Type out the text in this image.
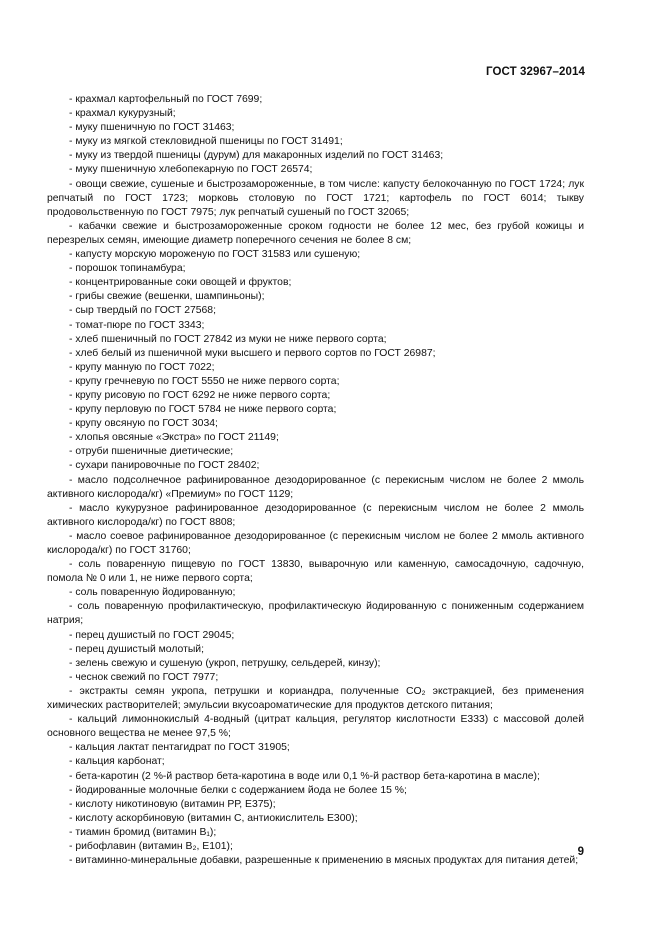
ГОСТ 32967–2014

- крахмал картофельный по ГОСТ 7699;

- крахмал кукурузный;

- муку пшеничную по ГОСТ 31463;

- муку из мягкой стекловидной пшеницы по ГОСТ 31491;

- муку из твердой пшеницы (дурум) для макаронных изделий по ГОСТ 31463;

- муку пшеничную хлебопекарную по ГОСТ 26574;

- овощи свежие, сушеные и быстрозамороженные, в том числе: капусту белокочанную по ГОСТ 1724; лук репчатый по ГОСТ 1723; морковь столовую по ГОСТ 1721; картофель по ГОСТ 6014; тыкву продовольственную по ГОСТ 7975; лук репчатый сушеный по ГОСТ 32065;

- кабачки свежие и быстрозамороженные сроком годности не более 12 мес, без грубой кожицы и перезрелых семян, имеющие диаметр поперечного сечения не более 8 см;

- капусту морскую мороженую по ГОСТ 31583 или сушеную;

- порошок топинамбура;

- концентрированные соки овощей и фруктов;

- грибы свежие (вешенки, шампиньоны);

- сыр твердый по ГОСТ 27568;

- томат-пюре по ГОСТ 3343;

- хлеб пшеничный по ГОСТ 27842 из муки не ниже первого сорта;

- хлеб белый из пшеничной муки высшего и первого сортов по ГОСТ 26987;

- крупу манную по ГОСТ 7022;

- крупу гречневую по ГОСТ 5550 не ниже первого сорта;

- крупу рисовую по ГОСТ 6292 не ниже первого сорта;

- крупу перловую по ГОСТ 5784 не ниже первого сорта;

- крупу овсяную по ГОСТ 3034;

- хлопья овсяные «Экстра» по ГОСТ 21149;

- отруби пшеничные диетические;

- сухари панировочные по ГОСТ 28402;

- масло подсолнечное рафинированное дезодорированное (с перекисным числом не более 2 ммоль активного кислорода/кг) «Премиум» по ГОСТ 1129;

- масло кукурузное рафинированное дезодорированное (с перекисным числом не более 2 ммоль активного кислорода/кг) по ГОСТ 8808;

- масло соевое рафинированное дезодорированное (с перекисным числом не более 2 ммоль активного кислорода/кг) по ГОСТ 31760;

- соль поваренную пищевую по ГОСТ 13830, выварочную или каменную, самосадочную, садочную, помола № 0 или 1, не ниже первого сорта;

- соль поваренную йодированную;

- соль поваренную профилактическую, профилактическую йодированную с пониженным содержанием натрия;

- перец душистый по ГОСТ 29045;

- перец душистый молотый;

- зелень свежую и сушеную (укроп, петрушку, сельдерей, кинзу);

- чеснок свежий по ГОСТ 7977;

- экстракты семян укропа, петрушки и кориандра, полученные CO₂ экстракцией, без применения химических растворителей; эмульсии вкусоароматические для продуктов детского питания;

- кальций лимоннокислый 4-водный (цитрат кальция, регулятор кислотности Е333) с массовой долей основного вещества не менее 97,5 %;

- кальция лактат пентагидрат по ГОСТ 31905;

- кальция карбонат;

- бета-каротин (2 %-й раствор бета-каротина в воде или 0,1 %-й раствор бета-каротина в масле);

- йодированные молочные белки с содержанием йода не более 15 %;

- кислоту никотиновую (витамин РР, Е375);

- кислоту аскорбиновую (витамин С, антиокислитель Е300);

- тиамин бромид (витамин B₁);

- рибофлавин (витамин B₂, Е101);

- витаминно-минеральные добавки, разрешенные к применению в мясных продуктах для питания детей;

9
